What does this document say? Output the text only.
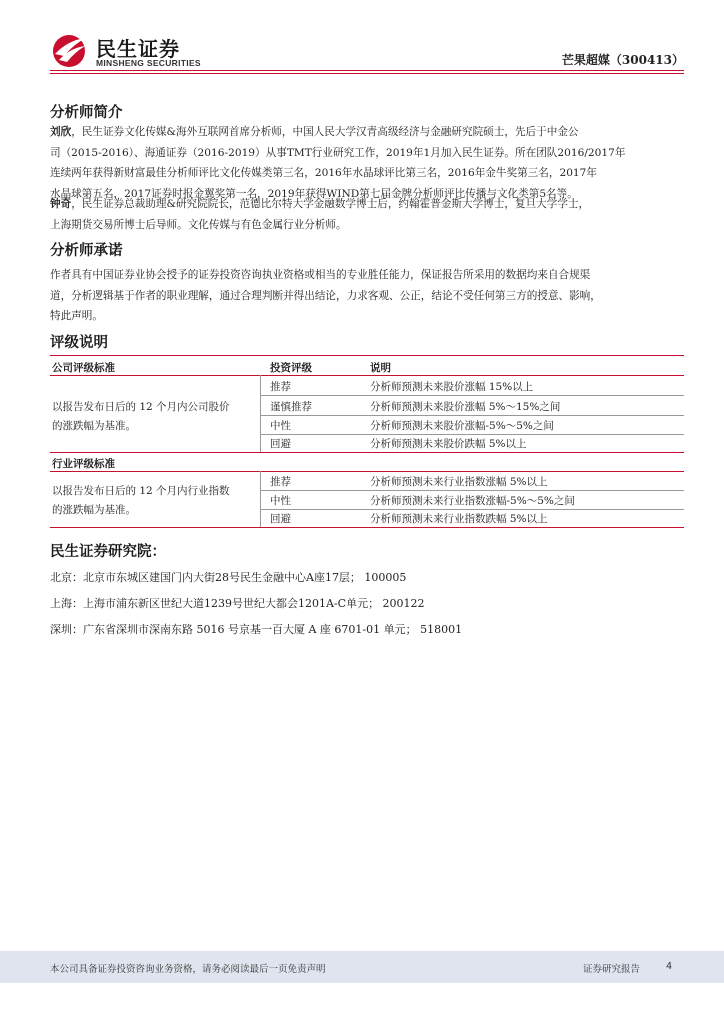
民生证券
MINSHENG SECURITIES	芒果超媒（300413）
分析师简介

刘欣，民生证券文化传媒&海外互联网首席分析师，中国人民大学汉青高级经济与金融研究院硕士，先后于中金公
司（2015-2016）、海通证券（2016-2019）从事TMT行业研究工作，2019年1月加入民生证券。所在团队2016/2017年
连续两年获得新财富最佳分析师评比文化传媒类第三名，2016年水晶球评比第三名，2016年金牛奖第三名，2017年
水晶球第五名，2017证券时报金翼奖第一名，2019年获得WIND第七届金牌分析师评比传播与文化类第5名等。

钟奇，民生证券总裁助理&研究院院长，范德比尔特大学金融数学博士后，约翰霍普金斯大学博士，复旦大学学士，
上海期货交易所博士后导师。文化传媒与有色金属行业分析师。

分析师承诺

作者具有中国证券业协会授予的证券投资咨询执业资格或相当的专业胜任能力，保证报告所采用的数据均来自合规渠
道，分析逻辑基于作者的职业理解，通过合理判断并得出结论，力求客观、公正，结论不受任何第三方的授意、影响，
特此声明。

评级说明
公司评级标准	投资评级	说明
以报告发布日后的 12 个月内公司股价
的涨跌幅为基准。
推荐	分析师预测未来股价涨幅 15%以上
谨慎推荐	分析师预测未来股价涨幅 5%～15%之间
中性	分析师预测未来股价涨幅-5%～5%之间
回避	分析师预测未来股价跌幅 5%以上
行业评级标准
以报告发布日后的 12 个月内行业指数
的涨跌幅为基准。
推荐	分析师预测未来行业指数涨幅 5%以上
中性	分析师预测未来行业指数涨幅-5%～5%之间
回避	分析师预测未来行业指数跌幅 5%以上
民生证券研究院：
北京：北京市东城区建国门内大街28号民生金融中心A座17层； 100005
上海：上海市浦东新区世纪大道1239号世纪大都会1201A-C单元； 200122
深圳：广东省深圳市深南东路 5016 号京基一百大厦 A 座 6701-01 单元； 518001
本公司具备证券投资咨询业务资格，请务必阅读最后一页免责声明	证券研究报告	4
